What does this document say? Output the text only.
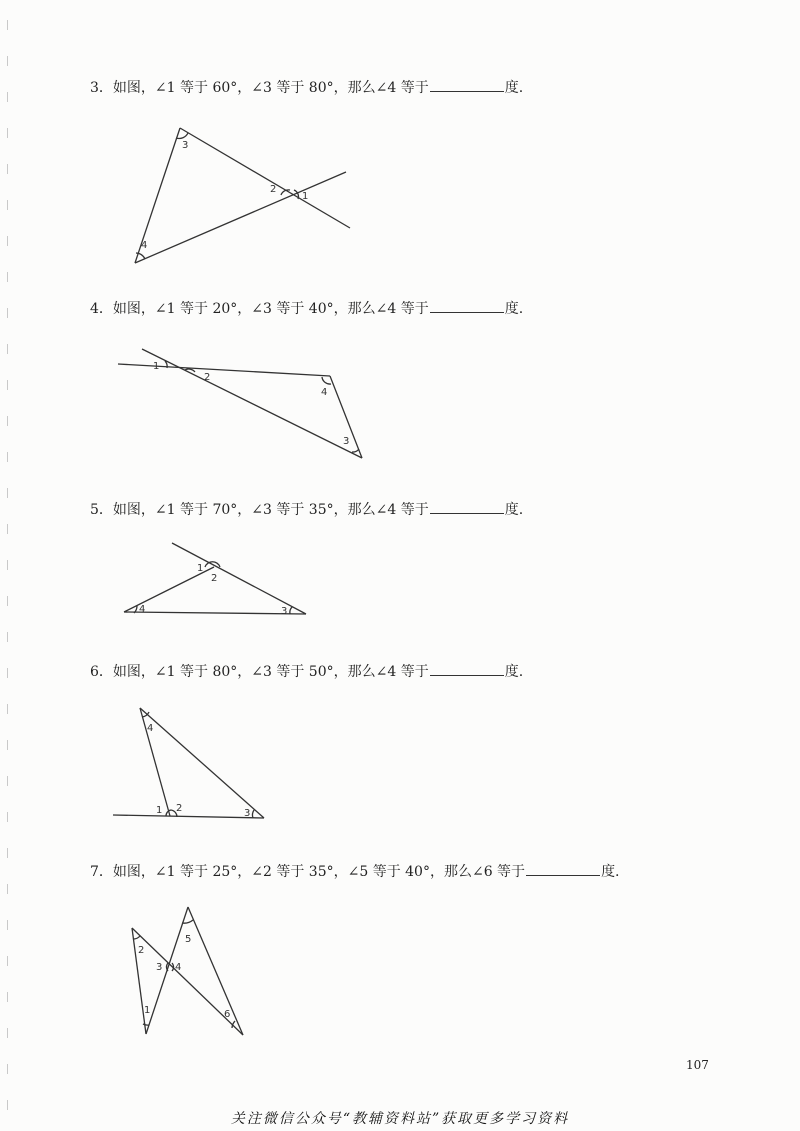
3．如图，∠1 等于 60°，∠3 等于 80°，那么∠4 等于	度.
3
4
2
1
4．如图，∠1 等于 20°，∠3 等于 40°，那么∠4 等于	度.
1
2
4
3
5．如图，∠1 等于 70°，∠3 等于 35°，那么∠4 等于	度.
1
2
4	3
6．如图，∠1 等于 80°，∠3 等于 50°，那么∠4 等于	度.
4
1 2	3
7．如图，∠1 等于 25°，∠2 等于 35°，∠5 等于 40°，那么∠6 等于	度.
2
3 4
5
1	6
107
关注微信公众号“教辅资料站”获取更多学习资料
